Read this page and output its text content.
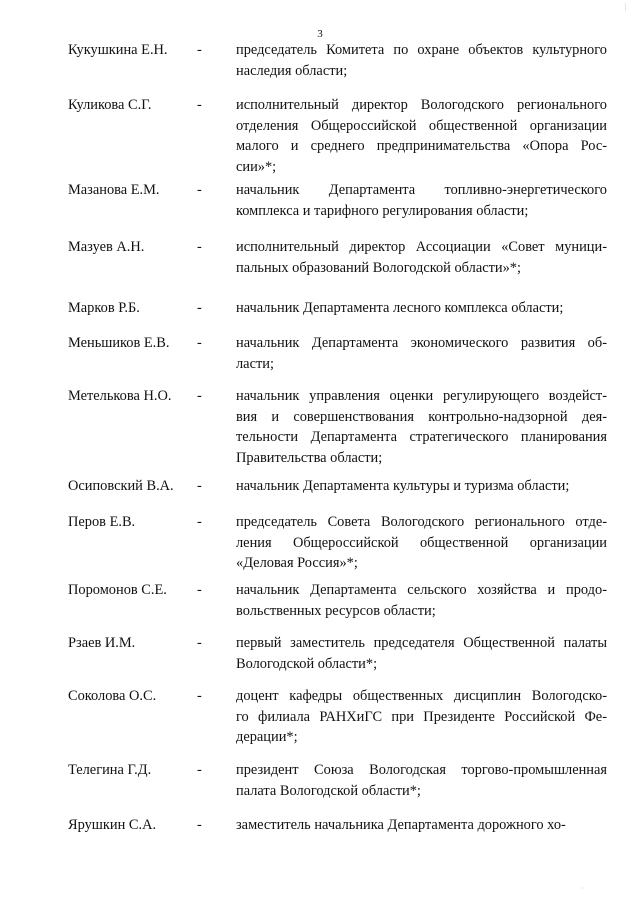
3
Кукушкина Е.Н. - председатель Комитета по охране объектов культурного
наследия области;
Куликова С.Г.	- исполнительный директор Вологодского регионального
отделения Общероссийской общественной организации
малого и среднего предпринимательства «Опора Рос-
сии»*;
Мазанова Е.М.	- начальник Департамента топливно-энергетического
комплекса и тарифного регулирования области;
Мазуев А.Н.	- исполнительный директор Ассоциации «Совет муници-
пальных образований Вологодской области»*;
Марков Р.Б.	- начальник Департамента лесного комплекса области;
Меньшиков Е.В. - начальник Департамента экономического развития об-
ласти;
Метелькова Н.О. - начальник управления оценки регулирующего воздейст-
вия и совершенствования контрольно-надзорной дея-
тельности Департамента стратегического планирования
Правительства области;
Осиповский В.А. - начальник Департамента культуры и туризма области;
Перов Е.В.	- председатель Совета Вологодского регионального отде-
ления Общероссийской общественной организации
«Деловая Россия»*;
Поромонов С.Е. - начальник Департамента сельского хозяйства и продо-
вольственных ресурсов области;
Рзаев И.М.	- первый заместитель председателя Общественной палаты
Вологодской области*;
Соколова О.С.	- доцент кафедры общественных дисциплин Вологодско-
го филиала РАНХиГС при Президенте Российской Фе-
дерации*;
Телегина Г.Д.	- президент Союза Вологодская торгово-промышленная
палата Вологодской области*;
Ярушкин С.А.	- заместитель начальника Департамента дорожного хо-
|
·
